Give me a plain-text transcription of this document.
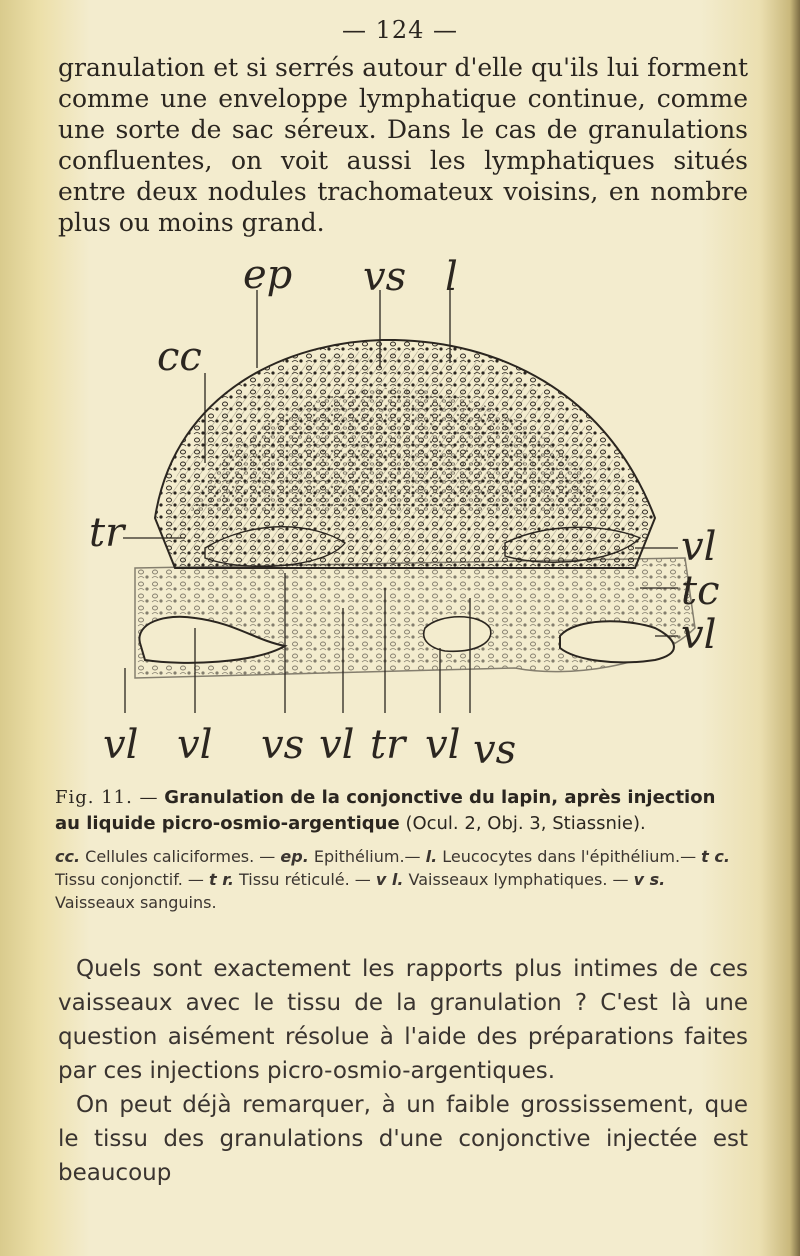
— 124 —

granulation et si serrés autour d'elle qu'ils lui forment comme une enveloppe lymphatique continue, comme une sorte de sac séreux. Dans le cas de granulations confluentes, on voit aussi les lymphatiques situés entre deux nodules trachomateux voisins, en nombre plus ou moins grand.

ep vs l
cc
tr	vl
tc
vl
vl vl vs vl tr vl vs
Fig. 11. — Granulation de la conjonctive du lapin, après injection au liquide picro-osmio-argentique (Ocul. 2, Obj. 3, Stiassnie).
cc. Cellules caliciformes. — ep. Epithélium.— l. Leucocytes dans l'épithélium.— t c. Tissu conjonctif. — t r. Tissu réticulé. — v l. Vaisseaux lymphatiques. — v s. Vaisseaux sanguins.

Quels sont exactement les rapports plus intimes de ces vaisseaux avec le tissu de la granulation ? C'est là une question aisément résolue à l'aide des préparations faites par ces injections picro-osmio-argentiques.

On peut déjà remarquer, à un faible grossissement, que le tissu des granulations d'une conjonctive injectée est beaucoup
